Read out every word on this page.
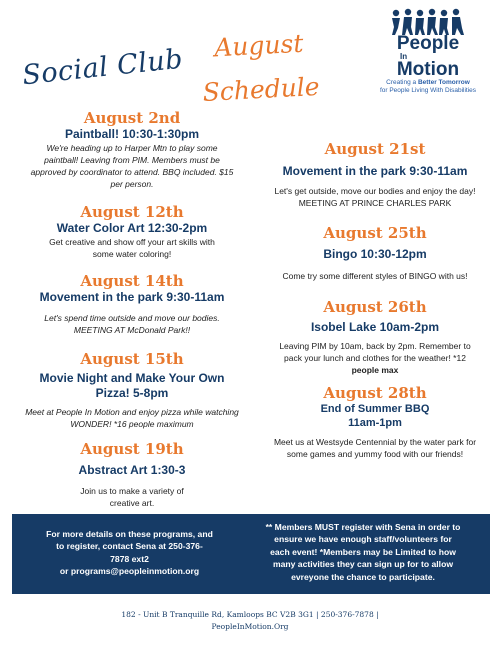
Social Club	August
Schedule
People
In
Motion
Creating a Better Tomorrow
for People Living With Disabilities
August 2nd
Paintball! 10:30-1:30pm
We're heading up to Harper Mtn to play some
paintball! Leaving from PIM. Members must be
approved by coordinator to attend. BBQ included. $15
per person.
August 12th
Water Color Art 12:30-2pm
Get creative and show off your art skills with
some water coloring!
August 14th
Movement in the park 9:30-11am
Let's spend time outside and move our bodies.
MEETING AT McDonald Park!!
August 15th
Movie Night and Make Your Own
Pizza! 5-8pm
Meet at People In Motion and enjoy pizza while watching
WONDER! *16 people maximum
August 19th
Abstract Art 1:30-3
Join us to make a variety of
creative art.
August 21st
Movement in the park 9:30-11am
Let's get outside, move our bodies and enjoy the day!
MEETING AT PRINCE CHARLES PARK
August 25th
Bingo 10:30-12pm
Come try some different styles of BINGO with us!
August 26th
Isobel Lake 10am-2pm
Leaving PIM by 10am, back by 2pm. Remember to
pack your lunch and clothes for the weather! *12
people max
August 28th
End of Summer BBQ
11am-1pm
Meet us at Westsyde Centennial by the water park for
some games and yummy food with our friends!
For more details on these programs, and
to register, contact Sena at 250-376-
7878 ext2
or programs@peopleinmotion.org
** Members MUST register with Sena in order to
ensure we have enough staff/volunteers for
each event! *Members may be Limited to how
many activities they can sign up for to allow
evreyone the chance to participate.
182 - Unit B Tranquille Rd, Kamloops BC V2B 3G1 | 250-376-7878 |
PeopleInMotion.Org
